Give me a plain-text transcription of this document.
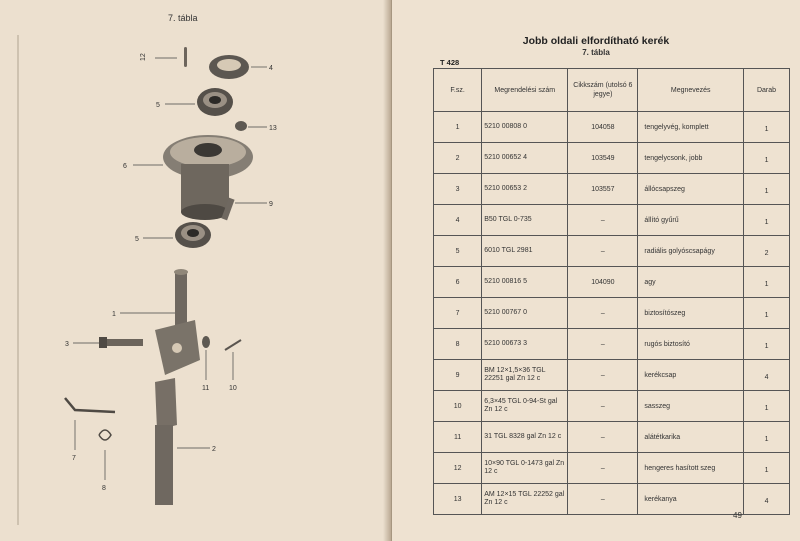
7. tábla
12
4
5
13
6
9
5
1
3
11	10
7
2
8
Jobb oldali elfordítható kerék
7. tábla
T 428
F.sz.	Megrendelési szám	Cikkszám (utolsó 6 jegye)	Megnevezés	Darab
1	5210 00808 0	104058	tengelyvég, komplett	1
2	5210 00652 4	103549	tengelycsonk, jobb	1
3	5210 00653 2	103557	állócsapszeg	1
4	B50 TGL 0-735	–	állító gyűrű	1
5	6010 TGL 2981	–	radiális golyóscsapágy	2
6	5210 00816 5	104090	agy	1
7	5210 00767 0	–	biztosítószeg	1
8	5210 00673 3	–	rugós biztosító	1
9	BM 12×1,5×36 TGL 22251 gal Zn 12 c	–	kerékcsap	4
10	6,3×45 TGL 0-94-St gal Zn 12 c	–	sasszeg	1
11	31 TGL 8328 gal Zn 12 c	–	alátétkarika	1
12	10×90 TGL 0-1473 gal Zn 12 c	–	hengeres hasított szeg	1
13	AM 12×15 TGL 22252 gal Zn 12 c	–	kerékanya	4
49
